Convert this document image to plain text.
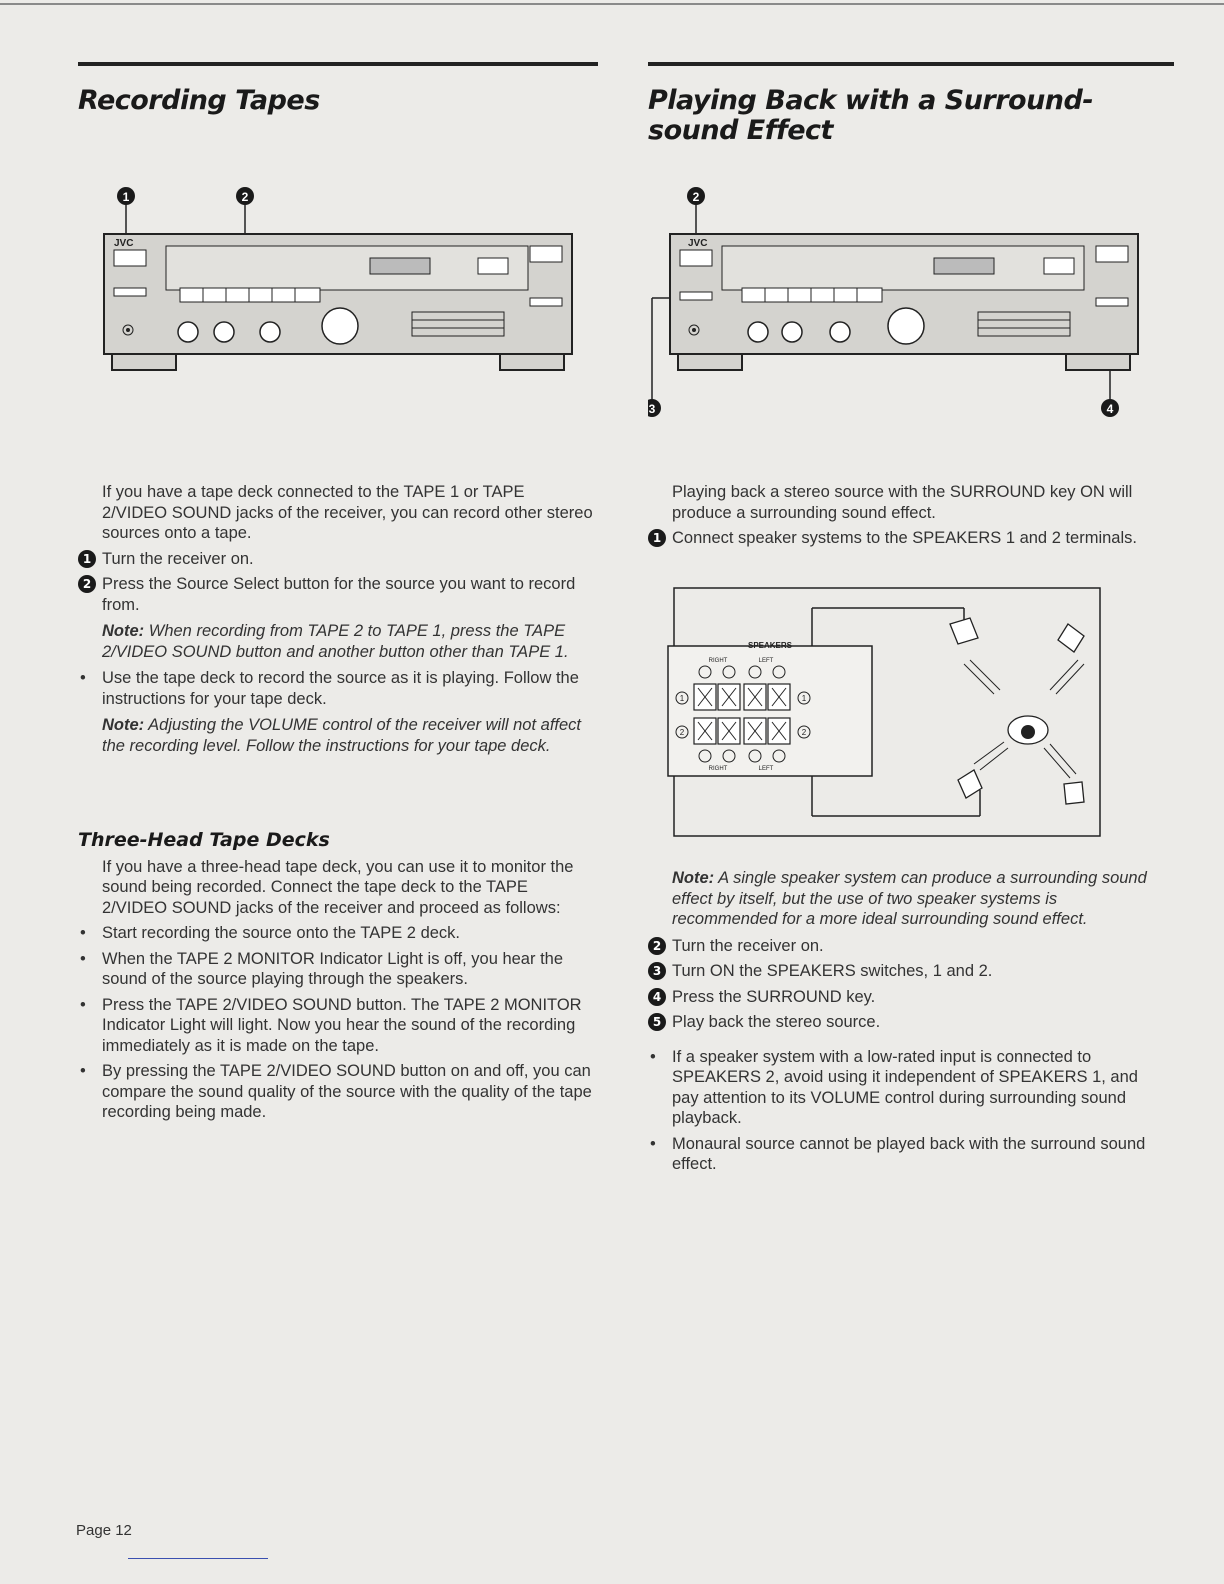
Recording Tapes
1	2
JVC

If you have a tape deck connected to the TAPE 1 or TAPE 2/VIDEO SOUND jacks of the receiver, you can record other stereo sources onto a tape.

1 Turn the receiver on.
2 Press the Source Select button for the source you want to record from.

Note: When recording from TAPE 2 to TAPE 1, press the TAPE 2/VIDEO SOUND button and another button other than TAPE 1.

• Use the tape deck to record the source as it is playing. Follow the instructions for your tape deck.

Note: Adjusting the VOLUME control of the receiver will not affect the recording level. Follow the instructions for your tape deck.

Three-Head Tape Decks

If you have a three-head tape deck, you can use it to monitor the sound being recorded. Connect the tape deck to the TAPE 2/VIDEO SOUND jacks of the receiver and proceed as follows:

• Start recording the source onto the TAPE 2 deck.
• When the TAPE 2 MONITOR Indicator Light is off, you hear the sound of the source playing through the speakers.
• Press the TAPE 2/VIDEO SOUND button. The TAPE 2 MONITOR Indicator Light will light. Now you hear the sound of the recording immediately as it is made on the tape.
• By pressing the TAPE 2/VIDEO SOUND button on and off, you can compare the sound quality of the source with the quality of the tape recording being made.
Playing Back with a Surround-sound Effect
2
3	4
JVC

Playing back a stereo source with the SURROUND key ON will produce a surrounding sound effect.

1 Connect speaker systems to the SPEAKERS 1 and 2 terminals.
SPEAKERS
RIGHT	LEFT
RIGHT	LEFT
1
2
1
2

Note: A single speaker system can produce a surrounding sound effect by itself, but the use of two speaker systems is recommended for a more ideal surrounding sound effect.

2 Turn the receiver on.
3 Turn ON the SPEAKERS switches, 1 and 2.
4 Press the SURROUND key.
5 Play back the stereo source.
• If a speaker system with a low-rated input is connected to SPEAKERS 2, avoid using it independent of SPEAKERS 1, and pay attention to its VOLUME control during surrounding sound playback.
• Monaural source cannot be played back with the surround sound effect.
Page 12
